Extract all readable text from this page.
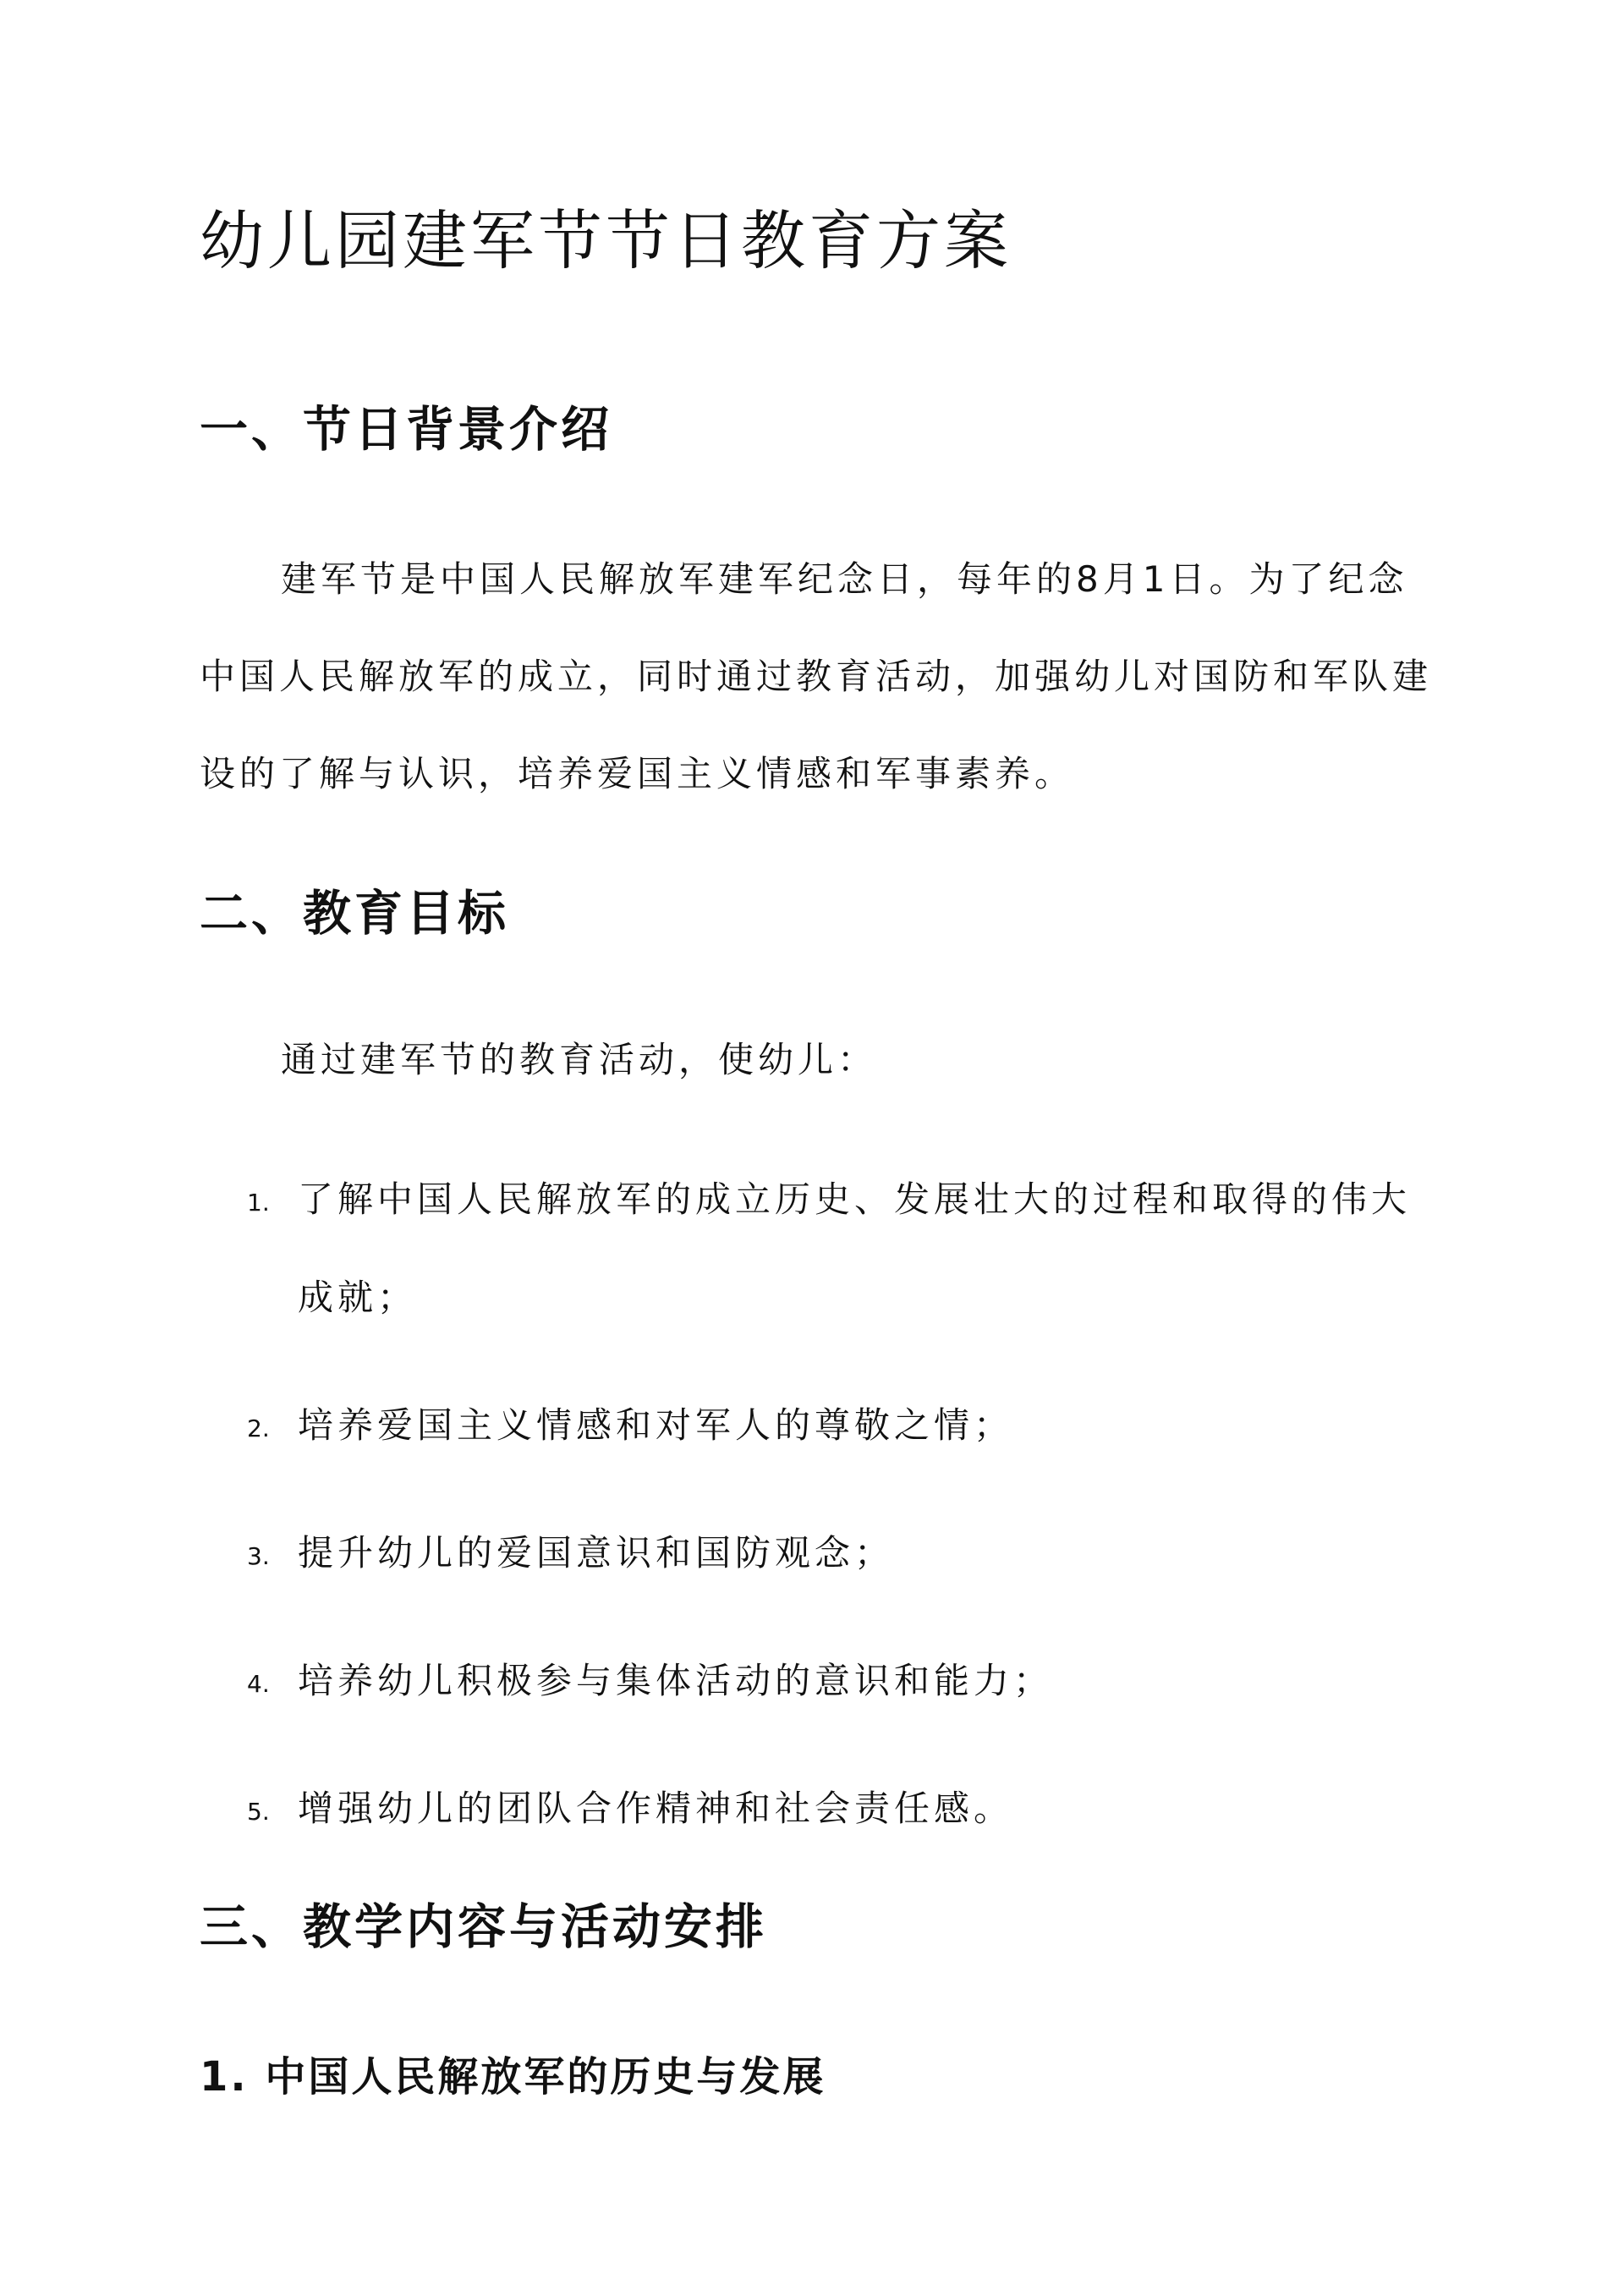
幼儿园建军节节日教育方案
一、节日背景介绍

建军节是中国人民解放军建军纪念日，每年的8月1日。为了纪念中国人民解放军的成立，同时通过教育活动，加强幼儿对国防和军队建设的了解与认识，培养爱国主义情感和军事素养。

二、教育目标

通过建军节的教育活动，使幼儿：

1. 了解中国人民解放军的成立历史、发展壮大的过程和取得的伟大成就；
2. 培养爱国主义情感和对军人的尊敬之情；
3. 提升幼儿的爱国意识和国防观念；
4. 培养幼儿积极参与集体活动的意识和能力；
5. 增强幼儿的团队合作精神和社会责任感。
三、教学内容与活动安排
1. 中国人民解放军的历史与发展
